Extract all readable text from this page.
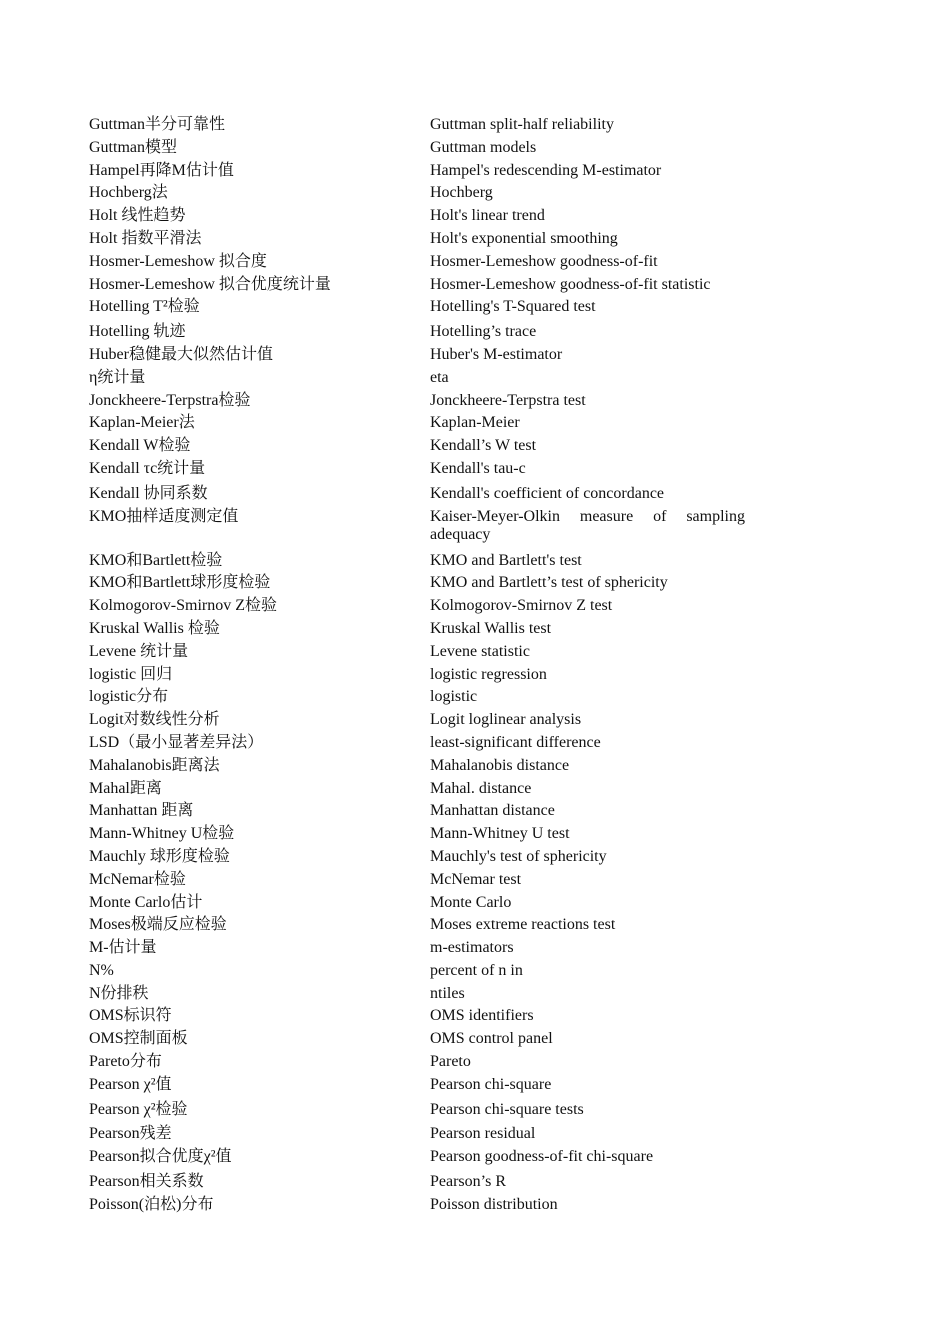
Guttman半分可靠性	Guttman split-half reliability
Guttman模型	Guttman models
Hampel再降M估计值	Hampel's redescending M-estimator
Hochberg法	Hochberg
Holt 线性趋势	Holt's linear trend
Holt 指数平滑法	Holt's exponential smoothing
Hosmer-Lemeshow 拟合度	Hosmer-Lemeshow goodness-of-fit
Hosmer-Lemeshow 拟合优度统计量	Hosmer-Lemeshow goodness-of-fit statistic
Hotelling T²检验	Hotelling's T-Squared test
Hotelling 轨迹	Hotelling’s trace
Huber稳健最大似然估计值	Huber's M-estimator
η统计量	eta
Jonckheere-Terpstra检验	Jonckheere-Terpstra test
Kaplan-Meier法	Kaplan-Meier
Kendall W检验	Kendall’s W test
Kendall τc统计量	Kendall's tau-c
Kendall 协同系数	Kendall's coefficient of concordance
KMO抽样适度测定值	Kaiser-Meyer-Olkin measure of sampling adequacy
KMO和Bartlett检验	KMO and Bartlett's test
KMO和Bartlett球形度检验	KMO and Bartlett’s test of sphericity
Kolmogorov-Smirnov Z检验	Kolmogorov-Smirnov Z test
Kruskal Wallis 检验	Kruskal Wallis test
Levene 统计量	Levene statistic
logistic 回归	logistic regression
logistic分布	logistic
Logit对数线性分析	Logit loglinear analysis
LSD（最小显著差异法）	least-significant difference
Mahalanobis距离法	Mahalanobis distance
Mahal距离	Mahal. distance
Manhattan 距离	Manhattan distance
Mann-Whitney U检验	Mann-Whitney U test
Mauchly 球形度检验	Mauchly's test of sphericity
McNemar检验	McNemar test
Monte Carlo估计	Monte Carlo
Moses极端反应检验	Moses extreme reactions test
M-估计量	m-estimators
N%	percent of n in
N份排秩	ntiles
OMS标识符	OMS identifiers
OMS控制面板	OMS control panel
Pareto分布	Pareto
Pearson χ²值	Pearson chi-square
Pearson χ²检验	Pearson chi-square tests
Pearson残差	Pearson residual
Pearson拟合优度χ²值	Pearson goodness-of-fit chi-square
Pearson相关系数	Pearson’s R
Poisson(泊松)分布	Poisson distribution
